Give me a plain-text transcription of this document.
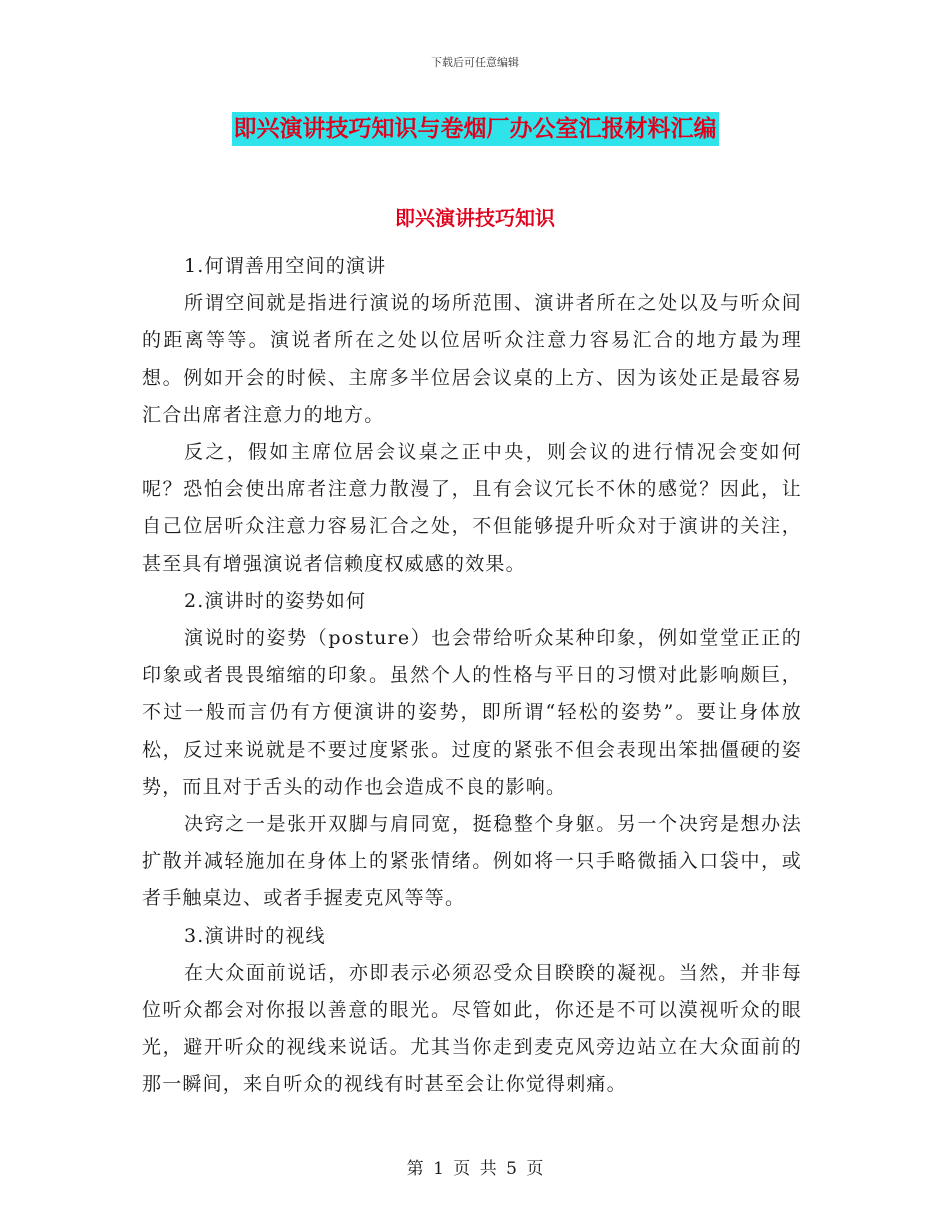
下载后可任意编辑
即兴演讲技巧知识与卷烟厂办公室汇报材料汇编
即兴演讲技巧知识

1.何谓善用空间的演讲

所谓空间就是指进行演说的场所范围、演讲者所在之处以及与听众间的距离等等。演说者所在之处以位居听众注意力容易汇合的地方最为理想。例如开会的时候、主席多半位居会议桌的上方、因为该处正是最容易汇合出席者注意力的地方。

反之，假如主席位居会议桌之正中央，则会议的进行情况会变如何呢？恐怕会使出席者注意力散漫了，且有会议冗长不休的感觉？因此，让自己位居听众注意力容易汇合之处，不但能够提升听众对于演讲的关注，甚至具有增强演说者信赖度权威感的效果。

2.演讲时的姿势如何

演说时的姿势（posture）也会带给听众某种印象，例如堂堂正正的印象或者畏畏缩缩的印象。虽然个人的性格与平日的习惯对此影响颇巨，不过一般而言仍有方便演讲的姿势，即所谓“轻松的姿势”。要让身体放松，反过来说就是不要过度紧张。过度的紧张不但会表现出笨拙僵硬的姿势，而且对于舌头的动作也会造成不良的影响。

决窍之一是张开双脚与肩同宽，挺稳整个身躯。另一个决窍是想办法扩散并减轻施加在身体上的紧张情绪。例如将一只手略微插入口袋中，或者手触桌边、或者手握麦克风等等。

3.演讲时的视线

在大众面前说话，亦即表示必须忍受众目睽睽的凝视。当然，并非每位听众都会对你报以善意的眼光。尽管如此，你还是不可以漠视听众的眼光，避开听众的视线来说话。尤其当你走到麦克风旁边站立在大众面前的那一瞬间，来自听众的视线有时甚至会让你觉得刺痛。

第 1 页 共 5 页
